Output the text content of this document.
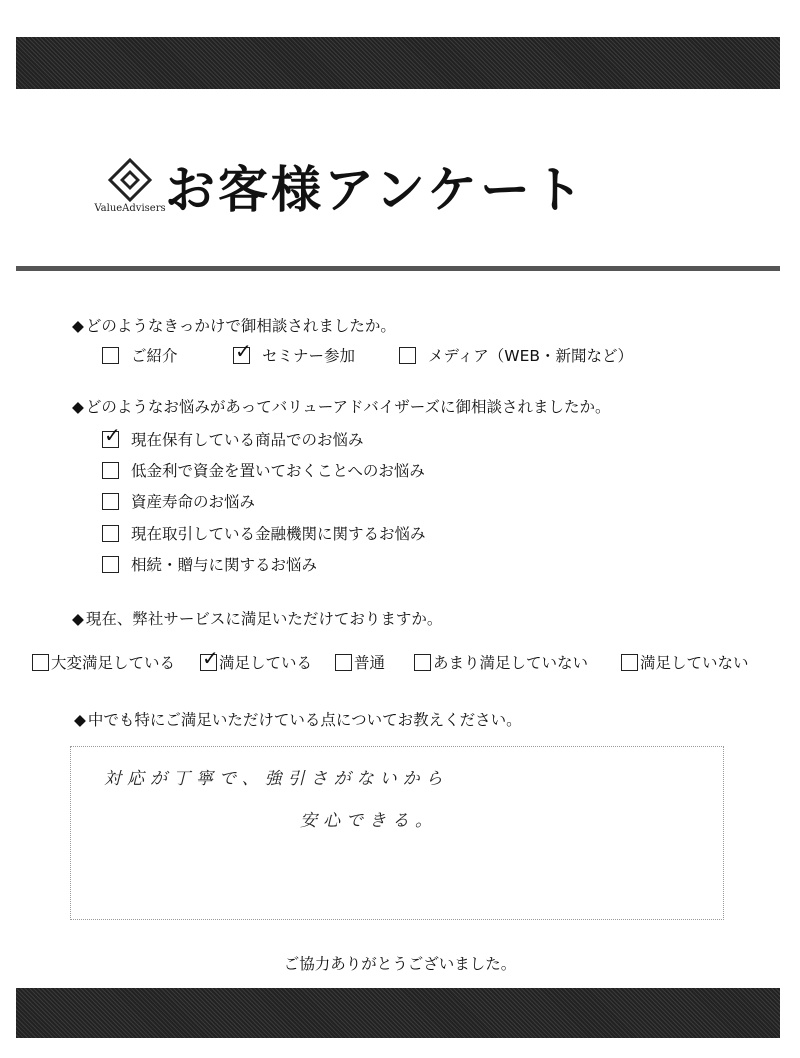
ValueAdvisers お客様アンケート
◆ どのようなきっかけで御相談されましたか。
ご紹介	✓ セミナー参加	メディア（WEB・新聞など）
◆ どのようなお悩みがあってバリューアドバイザーズに御相談されましたか。
✓ 現在保有している商品でのお悩み
低金利で資金を置いておくことへのお悩み
資産寿命のお悩み
現在取引している金融機関に関するお悩み
相続・贈与に関するお悩み
◆ 現在、弊社サービスに満足いただけておりますか。
大変満足している ✓ 満足している	普通	あまり満足していない	満足していない
◆ 中でも特にご満足いただけている点についてお教えください。
対応が丁寧で、強引さがないから
安心できる。
ご協力ありがとうございました。
